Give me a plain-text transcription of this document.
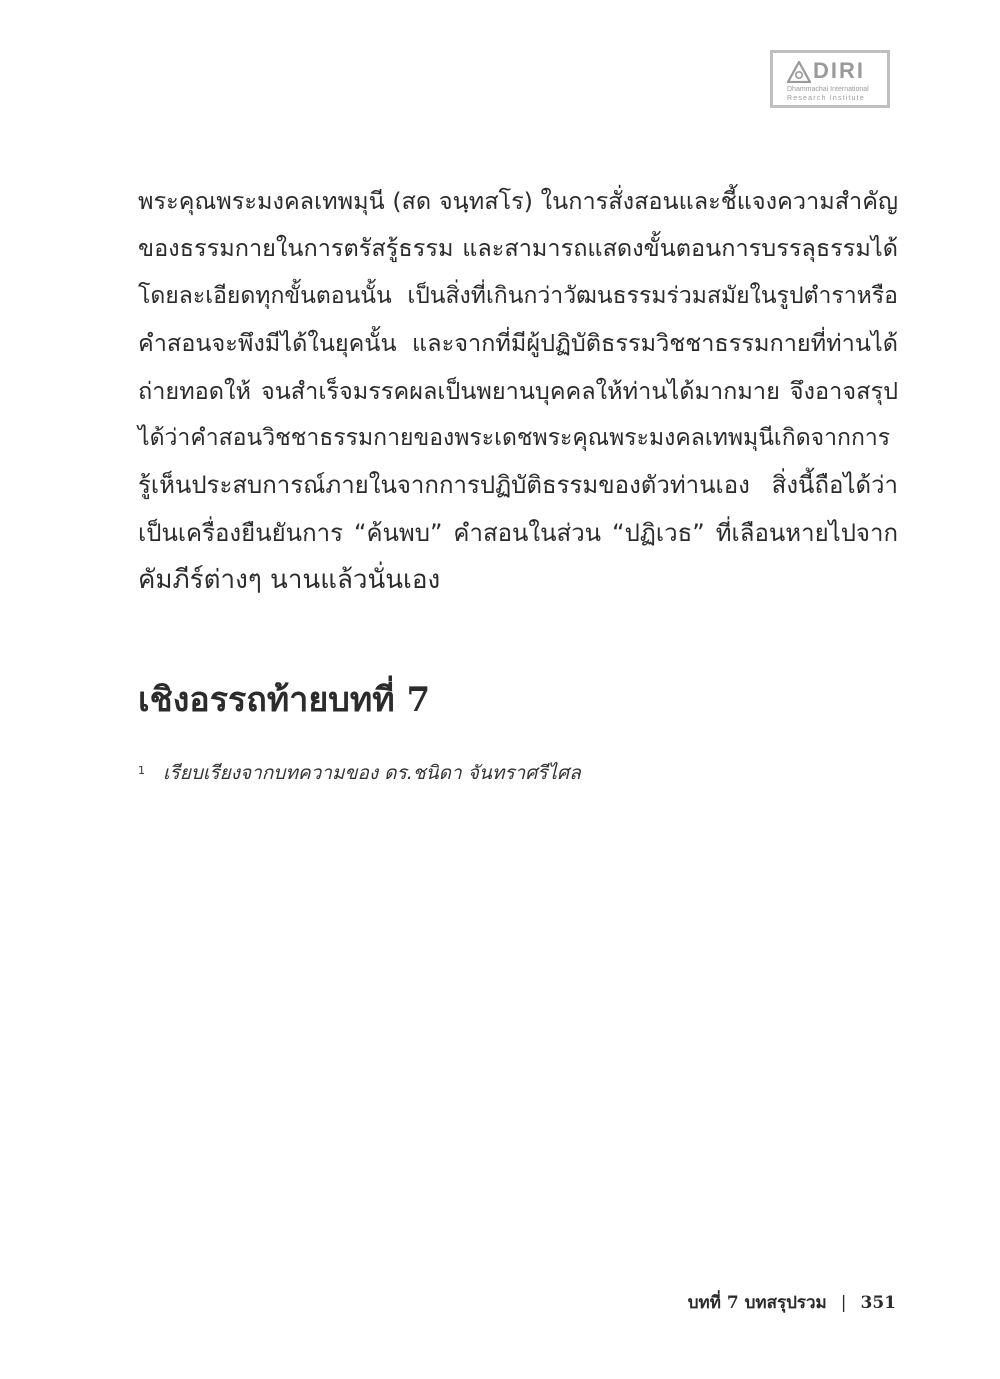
DIRI
Dhammachai International
Research Institute
พระคุณพระมงคลเทพมุนี (สด จนฺทสโร) ในการสั่งสอนและชี้แจงความสำคัญ
ของธรรมกายในการตรัสรู้ธรรม และสามารถแสดงขั้นตอนการบรรลุธรรมได้
โดยละเอียดทุกขั้นตอนนั้น เป็นสิ่งที่เกินกว่าวัฒนธรรมร่วมสมัยในรูปตำราหรือ
คำสอนจะพึงมีได้ในยุคนั้น และจากที่มีผู้ปฏิบัติธรรมวิชชาธรรมกายที่ท่านได้
ถ่ายทอดให้ จนสำเร็จมรรคผลเป็นพยานบุคคลให้ท่านได้มากมาย จึงอาจสรุป
ได้ว่าคำสอนวิชชาธรรมกายของพระเดชพระคุณพระมงคลเทพมุนีเกิดจากการ
รู้เห็นประสบการณ์ภายในจากการปฏิบัติธรรมของตัวท่านเอง สิ่งนี้ถือได้ว่า
เป็นเครื่องยืนยันการ “ค้นพบ” คำสอนในส่วน “ปฏิเวธ” ที่เลือนหายไปจาก
คัมภีร์ต่างๆ นานแล้วนั่นเอง
เชิงอรรถท้ายบทที่ 7
$^1$ เรียบเรียงจากบทความของ ดร.ชนิดา จันทราศรีไศล
บทที่ 7 บทสรุปรวม | 351
